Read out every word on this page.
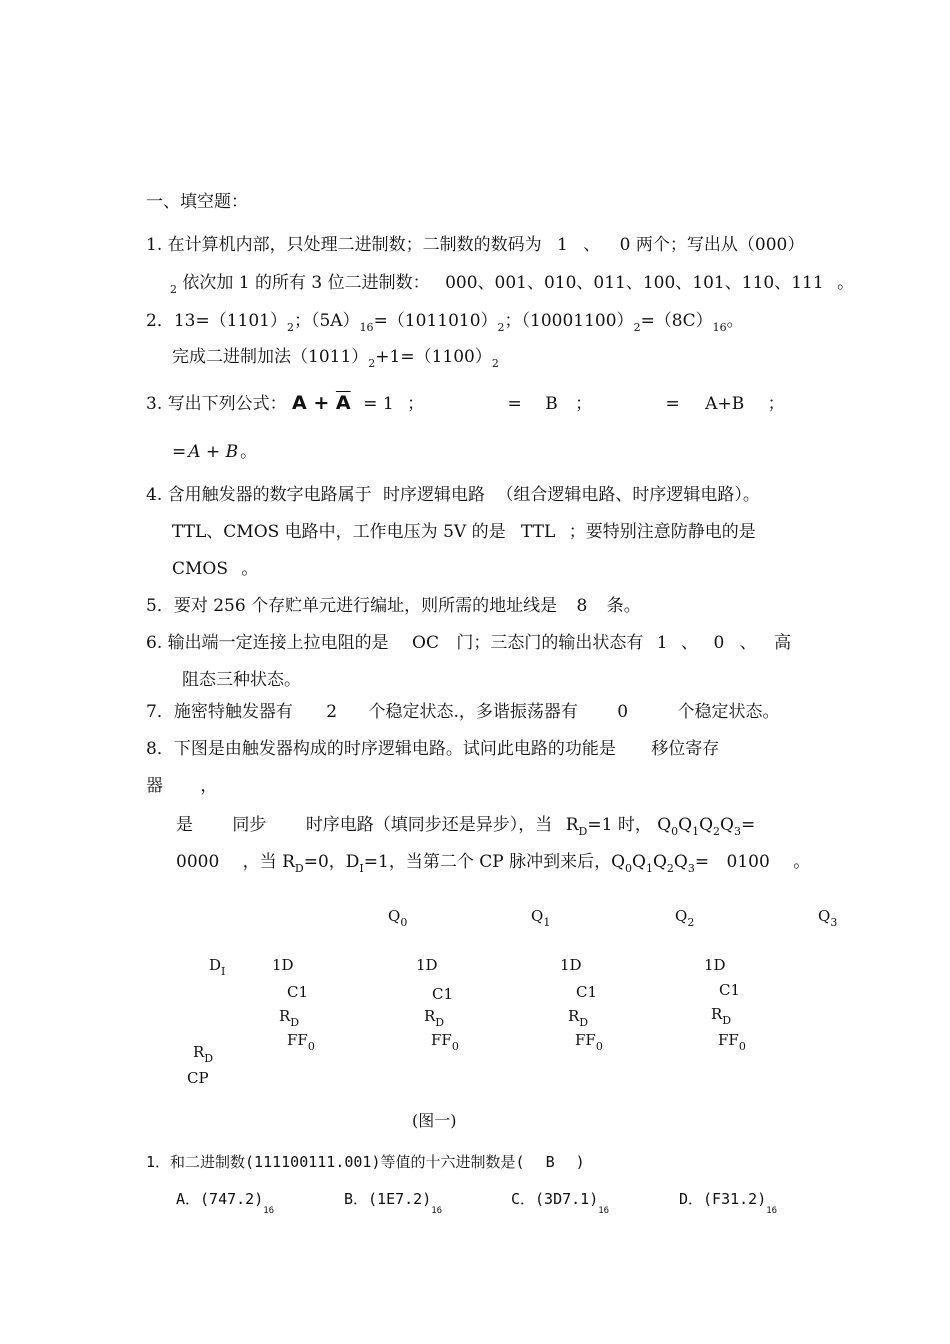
一、填空题：
1. 在计算机内部，只处理二进制数；二制数的数码为 1 、 0 两个；写出从（000）
$_2$ 依次加 1 的所有 3 位二进制数： 000、001、010、011、100、101、110、111 。
2．$13=(1101)_2$；$(5A)_{16}=(1011010)_2$；$(10001100)_2=(8C)_{16}$。
完成二进制加法$(1011)_2+1=(1100)_2$
3. 写出下列公式： $A + \overline{A} = 1$ ；	= B ；	= A+B ；
= A + B 。
4. 含用触发器的数字电路属于 时序逻辑电路 （组合逻辑电路、时序逻辑电路）。
TTL、CMOS 电路中，工作电压为 5V 的是 TTL ；要特别注意防静电的是
CMOS 。
5．要对 256 个存贮单元进行编址，则所需的地址线是 8 条。
6. 输出端一定连接上拉电阻的是 OC 门；三态门的输出状态有 1 、 0 、 高
阻态三种状态。
7．施密特触发器有 2 个稳定状态.，多谐振荡器有 0	个稳定状态。
8．下图是由触发器构成的时序逻辑电路。试问此电路的功能是 移位寄存
器 ，
是 同步 时序电路（填同步还是异步），当 $R_D=1$ 时， $Q_0Q_1Q_2Q_3=$
0000 ，当 $R_D=0$，$D_I=1$，当第二个 CP 脉冲到来后，$Q_0Q_1Q_2Q_3= 0100$ 。
$Q_0$	$Q_1$	$Q_2$	$Q_3$
$D_I$	1D	1D	1D	1D
C1	C1	C1	C1
$R_D$	$R_D$	$R_D$	$R_D$
$FF_0$	$FF_0$	$FF_0$	$FF_0$
$R_D$
CP
(图一)
1．和二进制数(111100111.001)等值的十六进制数是( B )
A．$(747.2)_{16}$
B．$(1E7.2)_{16}$
C．$(3D7.1)_{16}$
D．$(F31.2)_{16}$
